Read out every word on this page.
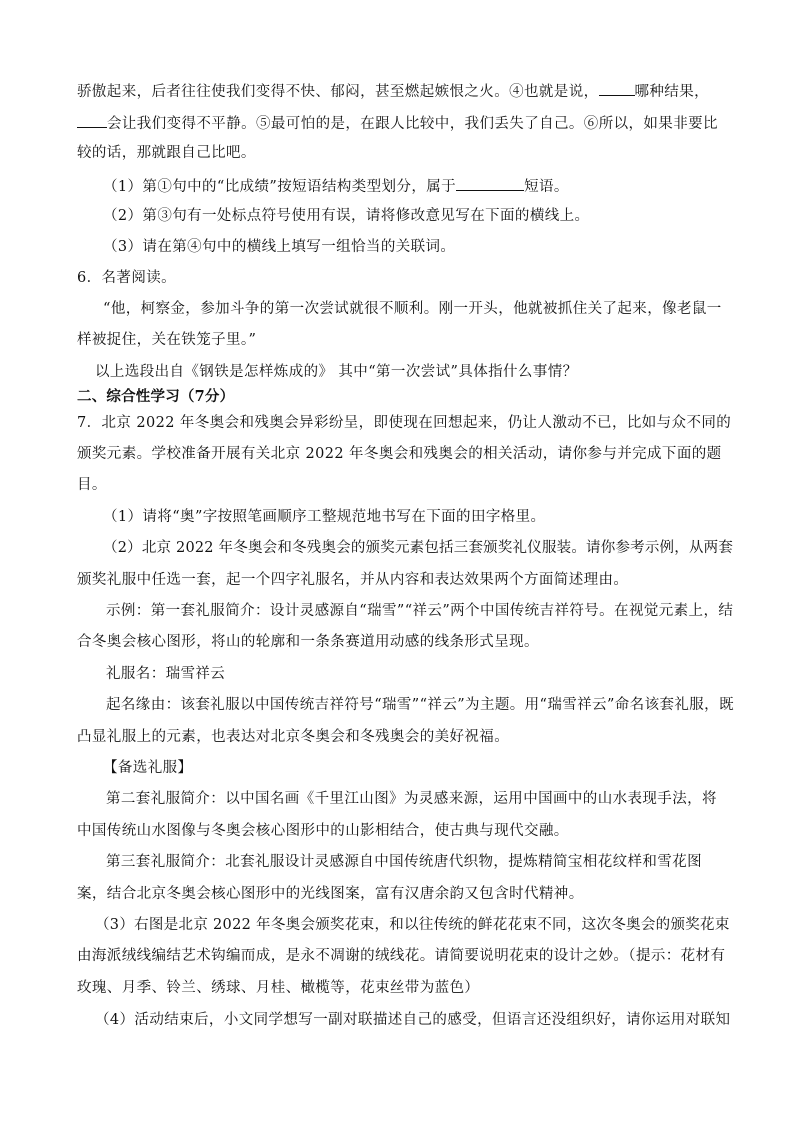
骄傲起来，后者往往使我们变得不快、郁闷，甚至燃起嫉恨之火。④也就是说， 哪种结果，
会让我们变得不平静。⑤最可怕的是，在跟人比较中，我们丢失了自己。⑥所以，如果非要比
较的话，那就跟自己比吧。
（1）第①句中的“比成绩”按短语结构类型划分，属于	短语。
（2）第③句有一处标点符号使用有误，请将修改意见写在下面的横线上。
（3）请在第④句中的横线上填写一组恰当的关联词。
6．名著阅读。
“他，柯察金，参加斗争的第一次尝试就很不顺利。刚一开头，他就被抓住关了起来，像老鼠一
样被捉住，关在铁笼子里。”
以上选段出自《钢铁是怎样炼成的》 其中“第一次尝试”具体指什么事情？
二、综合性学习（7分）
7．北京 2022 年冬奥会和残奥会异彩纷呈，即使现在回想起来，仍让人激动不已，比如与众不同的
颁奖元素。学校准备开展有关北京 2022 年冬奥会和残奥会的相关活动，请你参与并完成下面的题
目。
（1）请将“奥”字按照笔画顺序工整规范地书写在下面的田字格里。
（2）北京 2022 年冬奥会和冬残奥会的颁奖元素包括三套颁奖礼仪服装。请你参考示例，从两套
颁奖礼服中任选一套，起一个四字礼服名，并从内容和表达效果两个方面简述理由。
示例：第一套礼服简介：设计灵感源自“瑞雪”“祥云”两个中国传统吉祥符号。在视觉元素上，结
合冬奥会核心图形，将山的轮廓和一条条赛道用动感的线条形式呈现。
礼服名：瑞雪祥云
起名缘由：该套礼服以中国传统吉祥符号“瑞雪”“祥云”为主题。用“瑞雪祥云”命名该套礼服，既
凸显礼服上的元素，也表达对北京冬奥会和冬残奥会的美好祝福。
【备选礼服】
第二套礼服简介：以中国名画《千里江山图》为灵感来源，运用中国画中的山水表现手法，将
中国传统山水图像与冬奥会核心图形中的山影相结合，使古典与现代交融。
第三套礼服简介：北套礼服设计灵感源自中国传统唐代织物，提炼精简宝相花纹样和雪花图
案，结合北京冬奥会核心图形中的光线图案，富有汉唐余韵又包含时代精神。
（3）右图是北京 2022 年冬奥会颁奖花束，和以往传统的鲜花花束不同，这次冬奥会的颁奖花束
由海派绒线编结艺术钩编而成，是永不凋谢的绒线花。请简要说明花束的设计之妙。（提示：花材有
玫瑰、月季、铃兰、绣球、月桂、橄榄等，花束丝带为蓝色）
（4）活动结束后，小文同学想写一副对联描述自己的感受，但语言还没组织好，请你运用对联知
